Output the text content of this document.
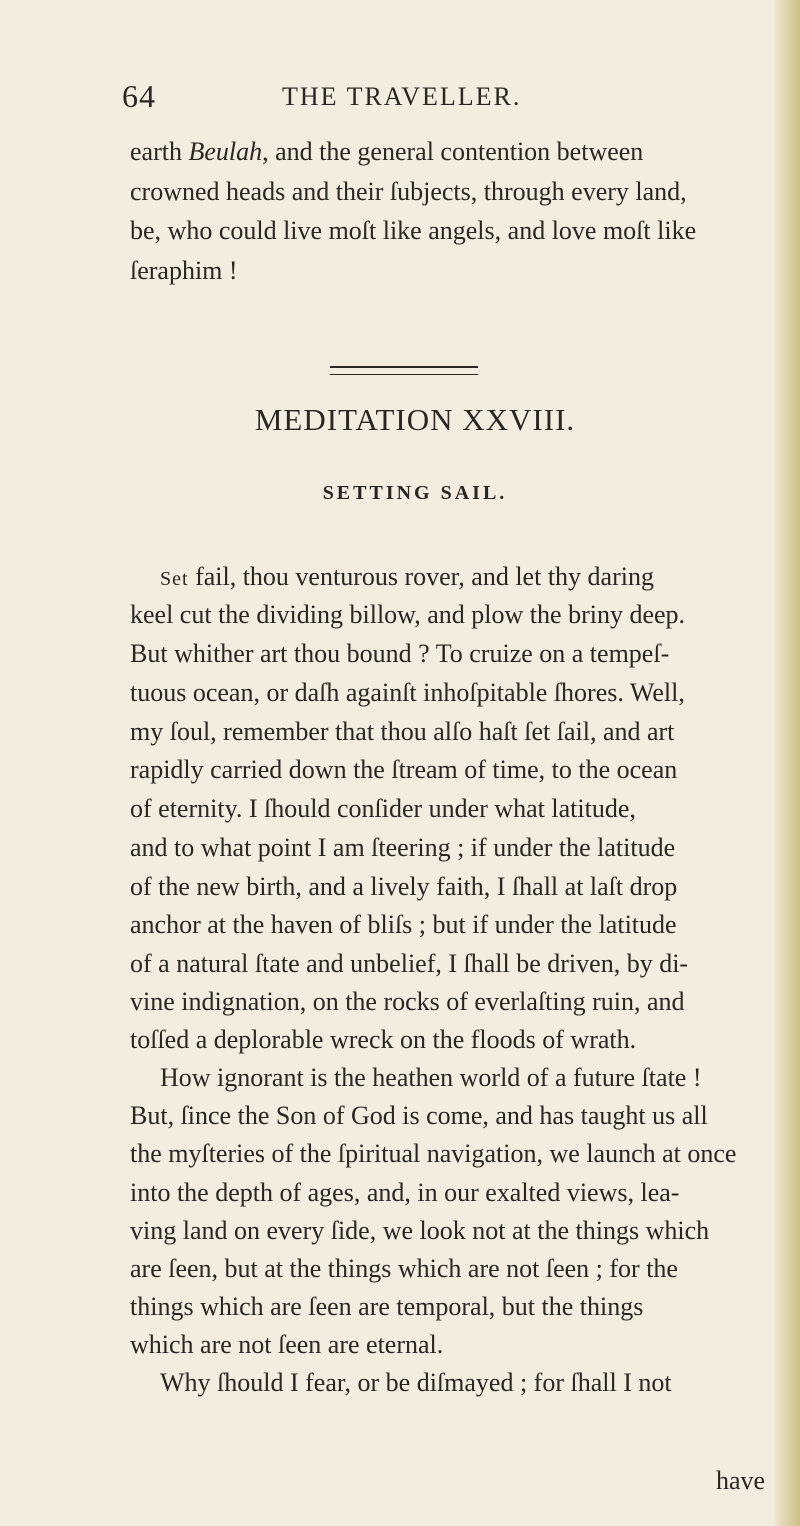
64	THE TRAVELLER.
earth Beulah, and the general contention between
crowned heads and their ſubjects, through every land,
be, who could live moſt like angels, and love moſt like
ſeraphim !
MEDITATION XXVIII.
SETTING SAIL.
Set fail, thou venturous rover, and let thy daring
keel cut the dividing billow, and plow the briny deep.
But whither art thou bound ? To cruize on a tempeſ-
tuous ocean, or daſh againſt inhoſpitable ſhores. Well,
my ſoul, remember that thou alſo haſt ſet ſail, and art
rapidly carried down the ſtream of time, to the ocean
of eternity. I ſhould conſider under what latitude,
and to what point I am ſteering ; if under the latitude
of the new birth, and a lively faith, I ſhall at laſt drop
anchor at the haven of bliſs ; but if under the latitude
of a natural ſtate and unbelief, I ſhall be driven, by di-
vine indignation, on the rocks of everlaſting ruin, and
toſſed a deplorable wreck on the floods of wrath.
How ignorant is the heathen world of a future ſtate !
But, ſince the Son of God is come, and has taught us all
the myſteries of the ſpiritual navigation, we launch at once
into the depth of ages, and, in our exalted views, lea-
ving land on every ſide, we look not at the things which
are ſeen, but at the things which are not ſeen ; for the
things which are ſeen are temporal, but the things
which are not ſeen are eternal.
Why ſhould I fear, or be diſmayed ; for ſhall I not
have
